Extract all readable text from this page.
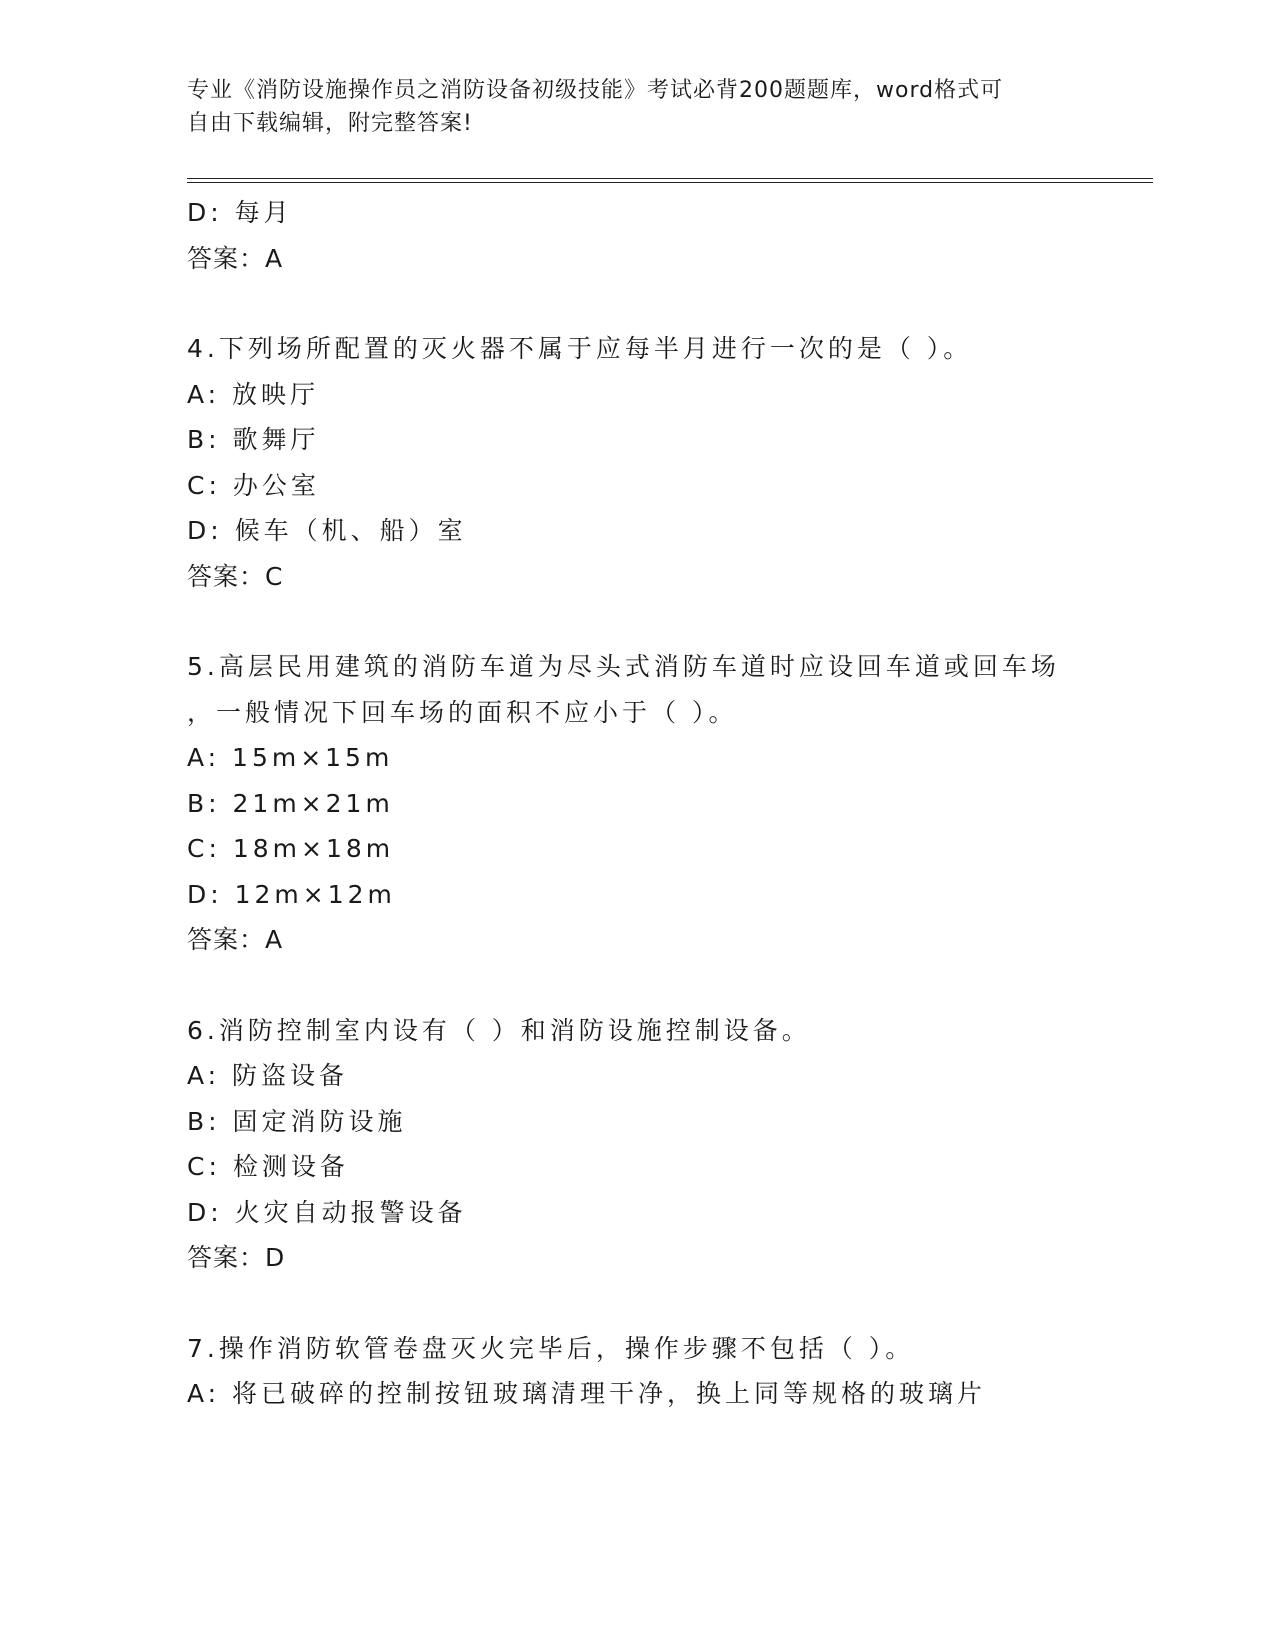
专业《消防设施操作员之消防设备初级技能》考试必背200题题库，word格式可
自由下载编辑，附完整答案!
D: 每月
答案：A
4.下列场所配置的灭火器不属于应每半月进行一次的是（ ）。
A: 放映厅
B: 歌舞厅
C: 办公室
D: 候车（机、船）室
答案：C
5.高层民用建筑的消防车道为尽头式消防车道时应设回车道或回车场
，一般情况下回车场的面积不应小于（ ）。
A: 15m×15m
B: 21m×21m
C: 18m×18m
D: 12m×12m
答案：A
6.消防控制室内设有（ ）和消防设施控制设备。
A: 防盗设备
B: 固定消防设施
C: 检测设备
D: 火灾自动报警设备
答案：D
7.操作消防软管卷盘灭火完毕后，操作步骤不包括（ ）。
A: 将已破碎的控制按钮玻璃清理干净，换上同等规格的玻璃片
